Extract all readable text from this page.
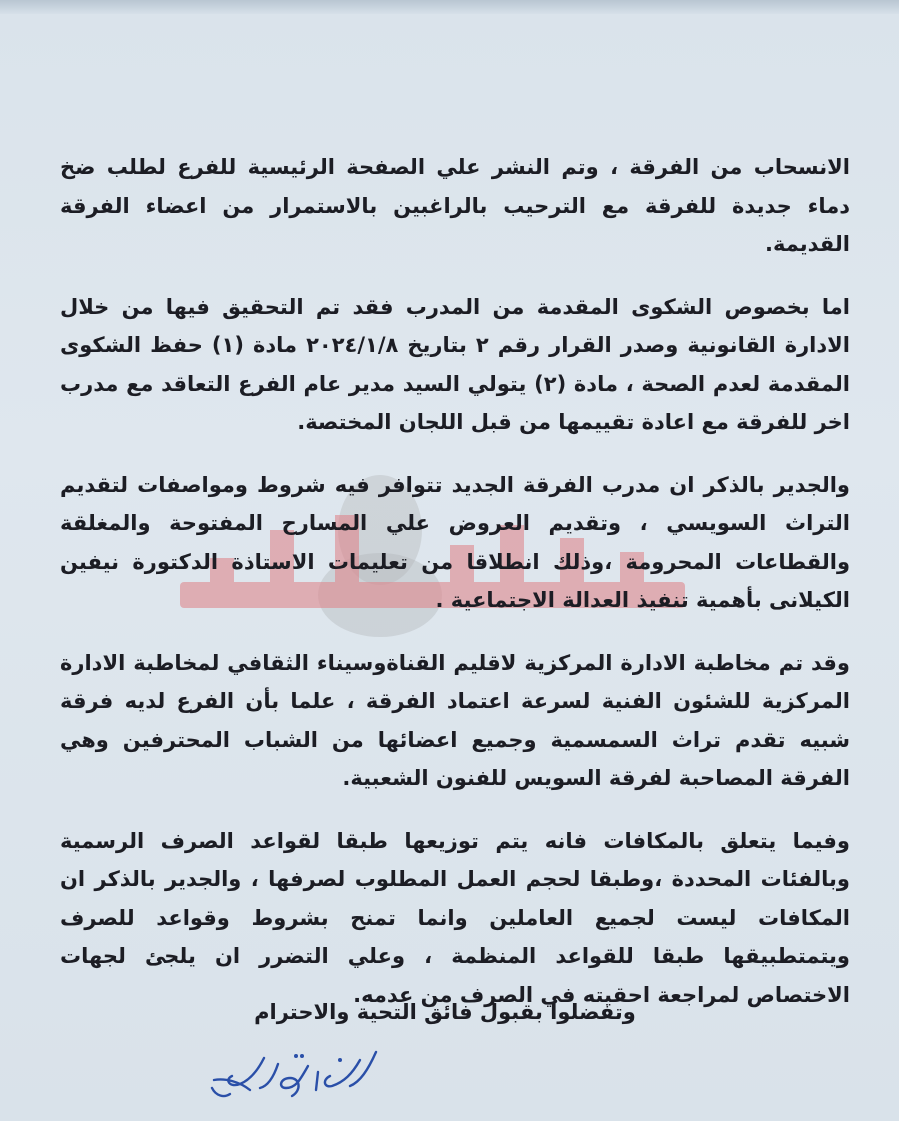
الانسحاب من الفرقة ، وتم النشر علي الصفحة الرئيسية للفرع لطلب ضخ دماء جديدة للفرقة مع الترحيب بالراغبين بالاستمرار من اعضاء الفرقة القديمة.

اما بخصوص الشكوى المقدمة من المدرب فقد تم التحقيق فيها من خلال الادارة القانونية وصدر القرار رقم ٢ بتاريخ ٢٠٢٤/١/٨ مادة (١) حفظ الشكوى المقدمة لعدم الصحة ، مادة (٢) يتولي السيد مدير عام الفرع التعاقد مع مدرب اخر للفرقة مع اعادة تقييمها من قبل اللجان المختصة.

والجدير بالذكر ان مدرب الفرقة الجديد تتوافر فيه شروط ومواصفات لتقديم التراث السويسي ، وتقديم العروض علي المسارح المفتوحة والمغلقة والقطاعات المحرومة ،وذلك انطلاقا من تعليمات الاستاذة الدكتورة نيفين الكيلانى بأهمية تنفيذ العدالة الاجتماعية .

وقد تم مخاطبة الادارة المركزية لاقليم القناةوسيناء الثقافي لمخاطبة الادارة المركزية للشئون الفنية لسرعة اعتماد الفرقة ، علما بأن الفرع لديه فرقة شبيه تقدم تراث السمسمية وجميع اعضائها من الشباب المحترفين وهي الفرقة المصاحبة لفرقة السويس للفنون الشعبية.

وفيما يتعلق بالمكافات فانه يتم توزيعها طبقا لقواعد الصرف الرسمية وبالفئات المحددة ،وطبقا لحجم العمل المطلوب لصرفها ، والجدير بالذكر ان المكافات ليست لجميع العاملين وانما تمنح بشروط وقواعد للصرف ويتمتطبيقها طبقا للقواعد المنظمة ، وعلي التضرر ان يلجئ لجهات الاختصاص لمراجعة احقيته في الصرف من عدمه.

وتفضلوا بقبول فائق التحية والاحترام
